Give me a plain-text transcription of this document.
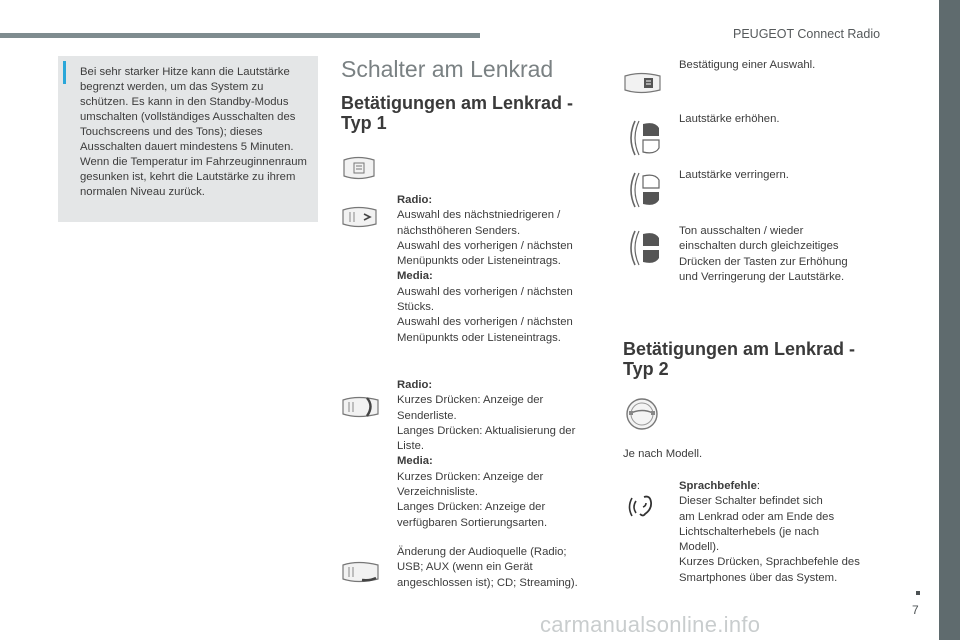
PEUGEOT Connect Radio
Bei sehr starker Hitze kann die Lautstärke begrenzt werden, um das System zu schützen. Es kann in den Standby-Modus umschalten (vollständiges Ausschalten des Touchscreens und des Tons); dieses Ausschalten dauert mindestens 5 Minuten. Wenn die Temperatur im Fahrzeuginnenraum gesunken ist, kehrt die Lautstärke zu ihrem normalen Niveau zurück.
Schalter am Lenkrad
Betätigungen am Lenkrad -
Typ 1
Radio:
Auswahl des nächstniedrigeren /
nächsthöheren Senders.
Auswahl des vorherigen / nächsten
Menüpunkts oder Listeneintrags.
Media:
Auswahl des vorherigen / nächsten
Stücks.
Auswahl des vorherigen / nächsten
Menüpunkts oder Listeneintrags.
Radio:
Kurzes Drücken: Anzeige der
Senderliste.
Langes Drücken: Aktualisierung der
Liste.
Media:
Kurzes Drücken: Anzeige der
Verzeichnisliste.
Langes Drücken: Anzeige der
verfügbaren Sortierungsarten.
Änderung der Audioquelle (Radio;
USB; AUX (wenn ein Gerät
angeschlossen ist); CD; Streaming).
Bestätigung einer Auswahl.
Lautstärke erhöhen.
Lautstärke verringern.
Ton ausschalten / wieder
einschalten durch gleichzeitiges
Drücken der Tasten zur Erhöhung
und Verringerung der Lautstärke.
Betätigungen am Lenkrad -
Typ 2
Je nach Modell.
Sprachbefehle:
Dieser Schalter befindet sich
am Lenkrad oder am Ende des
Lichtschalterhebels (je nach
Modell).
Kurzes Drücken, Sprachbefehle des
Smartphones über das System.
7
carmanualsonline.info
